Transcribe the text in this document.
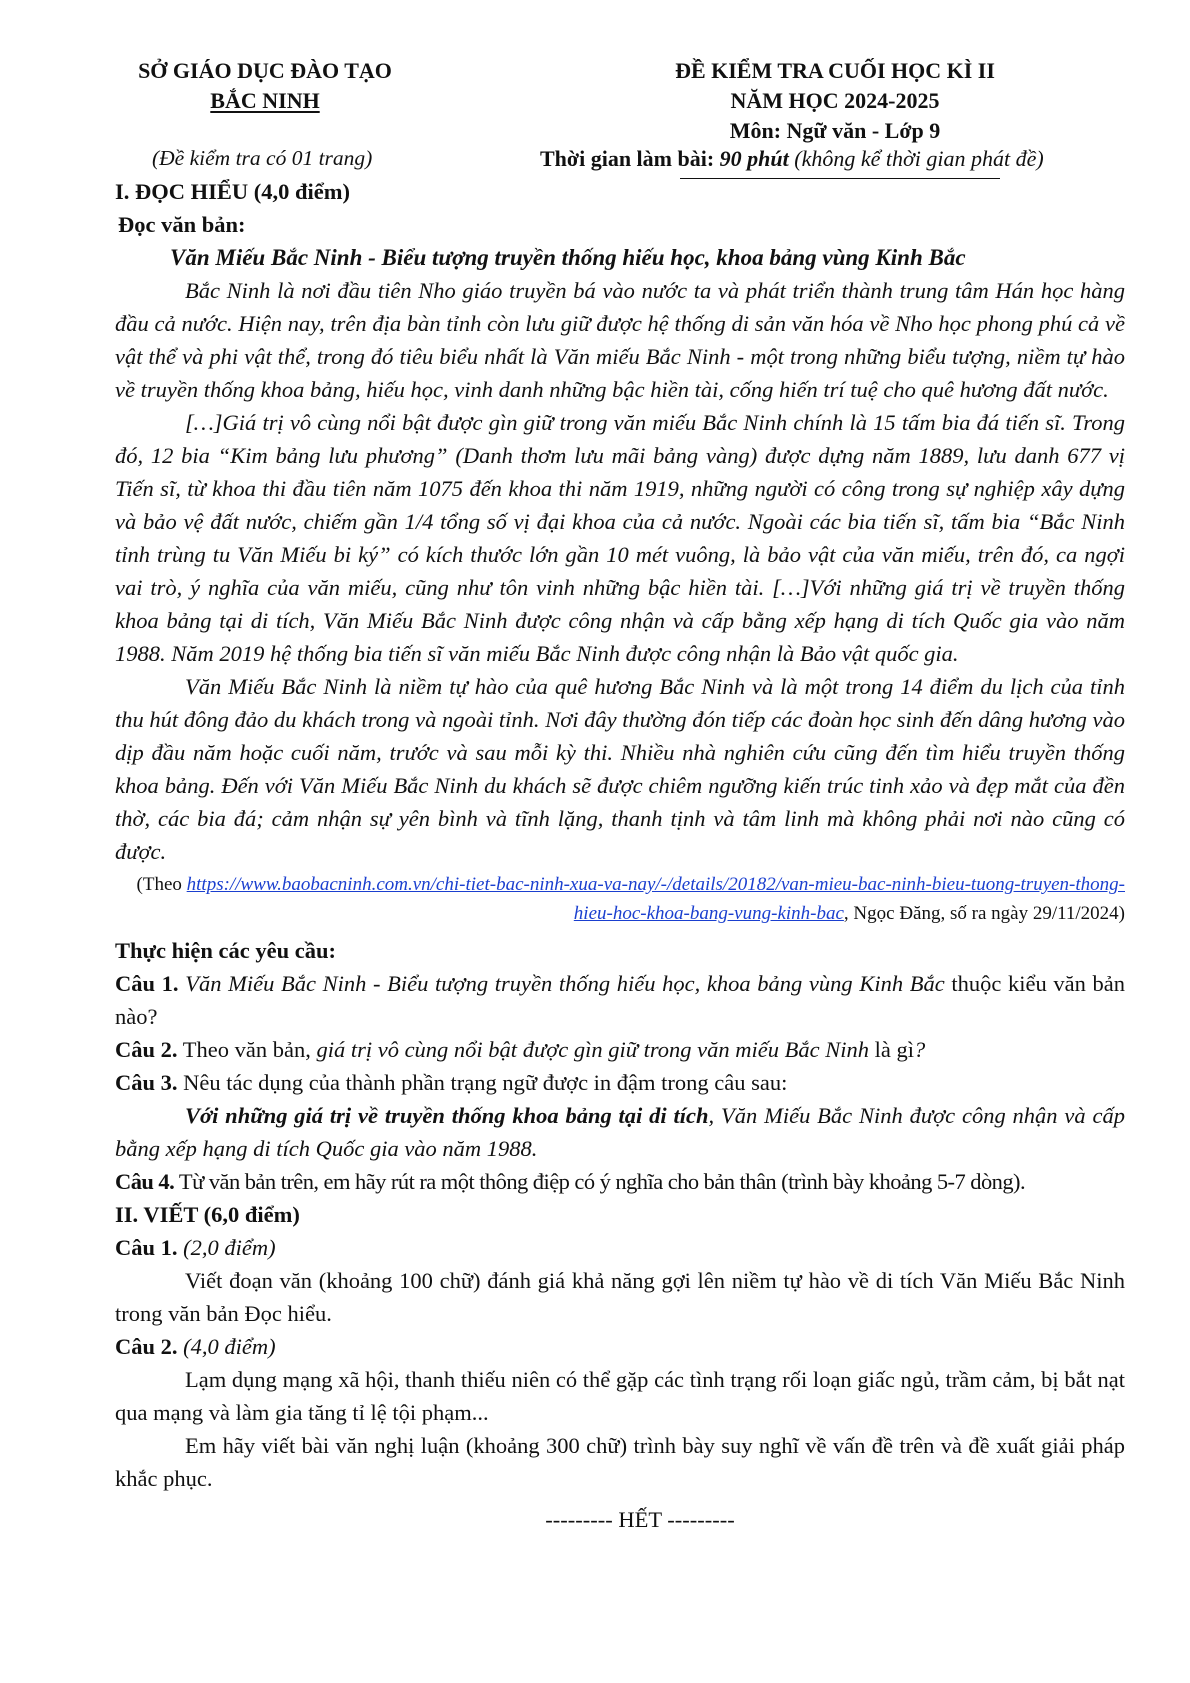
SỞ GIÁO DỤC ĐÀO TẠO
BẮC NINH
(Đề kiểm tra có 01 trang)
ĐỀ KIỂM TRA CUỐI HỌC KÌ II
NĂM HỌC 2024-2025
Môn: Ngữ văn - Lớp 9
Thời gian làm bài: 90 phút (không kể thời gian phát đề)

I. ĐỌC HIỂU (4,0 điểm)

Đọc văn bản:

Văn Miếu Bắc Ninh - Biểu tượng truyền thống hiếu học, khoa bảng vùng Kinh Bắc

Bắc Ninh là nơi đầu tiên Nho giáo truyền bá vào nước ta và phát triển thành trung tâm Hán học hàng đầu cả nước. Hiện nay, trên địa bàn tỉnh còn lưu giữ được hệ thống di sản văn hóa về Nho học phong phú cả về vật thể và phi vật thể, trong đó tiêu biểu nhất là Văn miếu Bắc Ninh - một trong những biểu tượng, niềm tự hào về truyền thống khoa bảng, hiếu học, vinh danh những bậc hiền tài, cống hiến trí tuệ cho quê hương đất nước.

[…]Giá trị vô cùng nổi bật được gìn giữ trong văn miếu Bắc Ninh chính là 15 tấm bia đá tiến sĩ. Trong đó, 12 bia “Kim bảng lưu phương” (Danh thơm lưu mãi bảng vàng) được dựng năm 1889, lưu danh 677 vị Tiến sĩ, từ khoa thi đầu tiên năm 1075 đến khoa thi năm 1919, những người có công trong sự nghiệp xây dựng và bảo vệ đất nước, chiếm gần 1/4 tổng số vị đại khoa của cả nước. Ngoài các bia tiến sĩ, tấm bia “Bắc Ninh tỉnh trùng tu Văn Miếu bi ký” có kích thước lớn gần 10 mét vuông, là bảo vật của văn miếu, trên đó, ca ngợi vai trò, ý nghĩa của văn miếu, cũng như tôn vinh những bậc hiền tài. […]Với những giá trị về truyền thống khoa bảng tại di tích, Văn Miếu Bắc Ninh được công nhận và cấp bằng xếp hạng di tích Quốc gia vào năm 1988. Năm 2019 hệ thống bia tiến sĩ văn miếu Bắc Ninh được công nhận là Bảo vật quốc gia.

Văn Miếu Bắc Ninh là niềm tự hào của quê hương Bắc Ninh và là một trong 14 điểm du lịch của tỉnh thu hút đông đảo du khách trong và ngoài tỉnh. Nơi đây thường đón tiếp các đoàn học sinh đến dâng hương vào dịp đầu năm hoặc cuối năm, trước và sau mỗi kỳ thi. Nhiều nhà nghiên cứu cũng đến tìm hiểu truyền thống khoa bảng. Đến với Văn Miếu Bắc Ninh du khách sẽ được chiêm ngưỡng kiến trúc tinh xảo và đẹp mắt của đền thờ, các bia đá; cảm nhận sự yên bình và tĩnh lặng, thanh tịnh và tâm linh mà không phải nơi nào cũng có được.

(Theo https://www.baobacninh.com.vn/chi-tiet-bac-ninh-xua-va-nay/-/details/20182/van-mieu-bac-ninh-bieu-tuong-truyen-thong-hieu-hoc-khoa-bang-vung-kinh-bac, Ngọc Đăng, số ra ngày 29/11/2024)

Thực hiện các yêu cầu:

Câu 1. Văn Miếu Bắc Ninh - Biểu tượng truyền thống hiếu học, khoa bảng vùng Kinh Bắc thuộc kiểu văn bản nào?

Câu 2. Theo văn bản, giá trị vô cùng nổi bật được gìn giữ trong văn miếu Bắc Ninh là gì?

Câu 3. Nêu tác dụng của thành phần trạng ngữ được in đậm trong câu sau:

Với những giá trị về truyền thống khoa bảng tại di tích, Văn Miếu Bắc Ninh được công nhận và cấp bằng xếp hạng di tích Quốc gia vào năm 1988.

Câu 4. Từ văn bản trên, em hãy rút ra một thông điệp có ý nghĩa cho bản thân (trình bày khoảng 5-7 dòng).

II. VIẾT (6,0 điểm)

Câu 1. (2,0 điểm)

Viết đoạn văn (khoảng 100 chữ) đánh giá khả năng gợi lên niềm tự hào về di tích Văn Miếu Bắc Ninh trong văn bản Đọc hiểu.

Câu 2. (4,0 điểm)

Lạm dụng mạng xã hội, thanh thiếu niên có thể gặp các tình trạng rối loạn giấc ngủ, trầm cảm, bị bắt nạt qua mạng và làm gia tăng tỉ lệ tội phạm...

Em hãy viết bài văn nghị luận (khoảng 300 chữ) trình bày suy nghĩ về vấn đề trên và đề xuất giải pháp khắc phục.

--------- HẾT ---------
